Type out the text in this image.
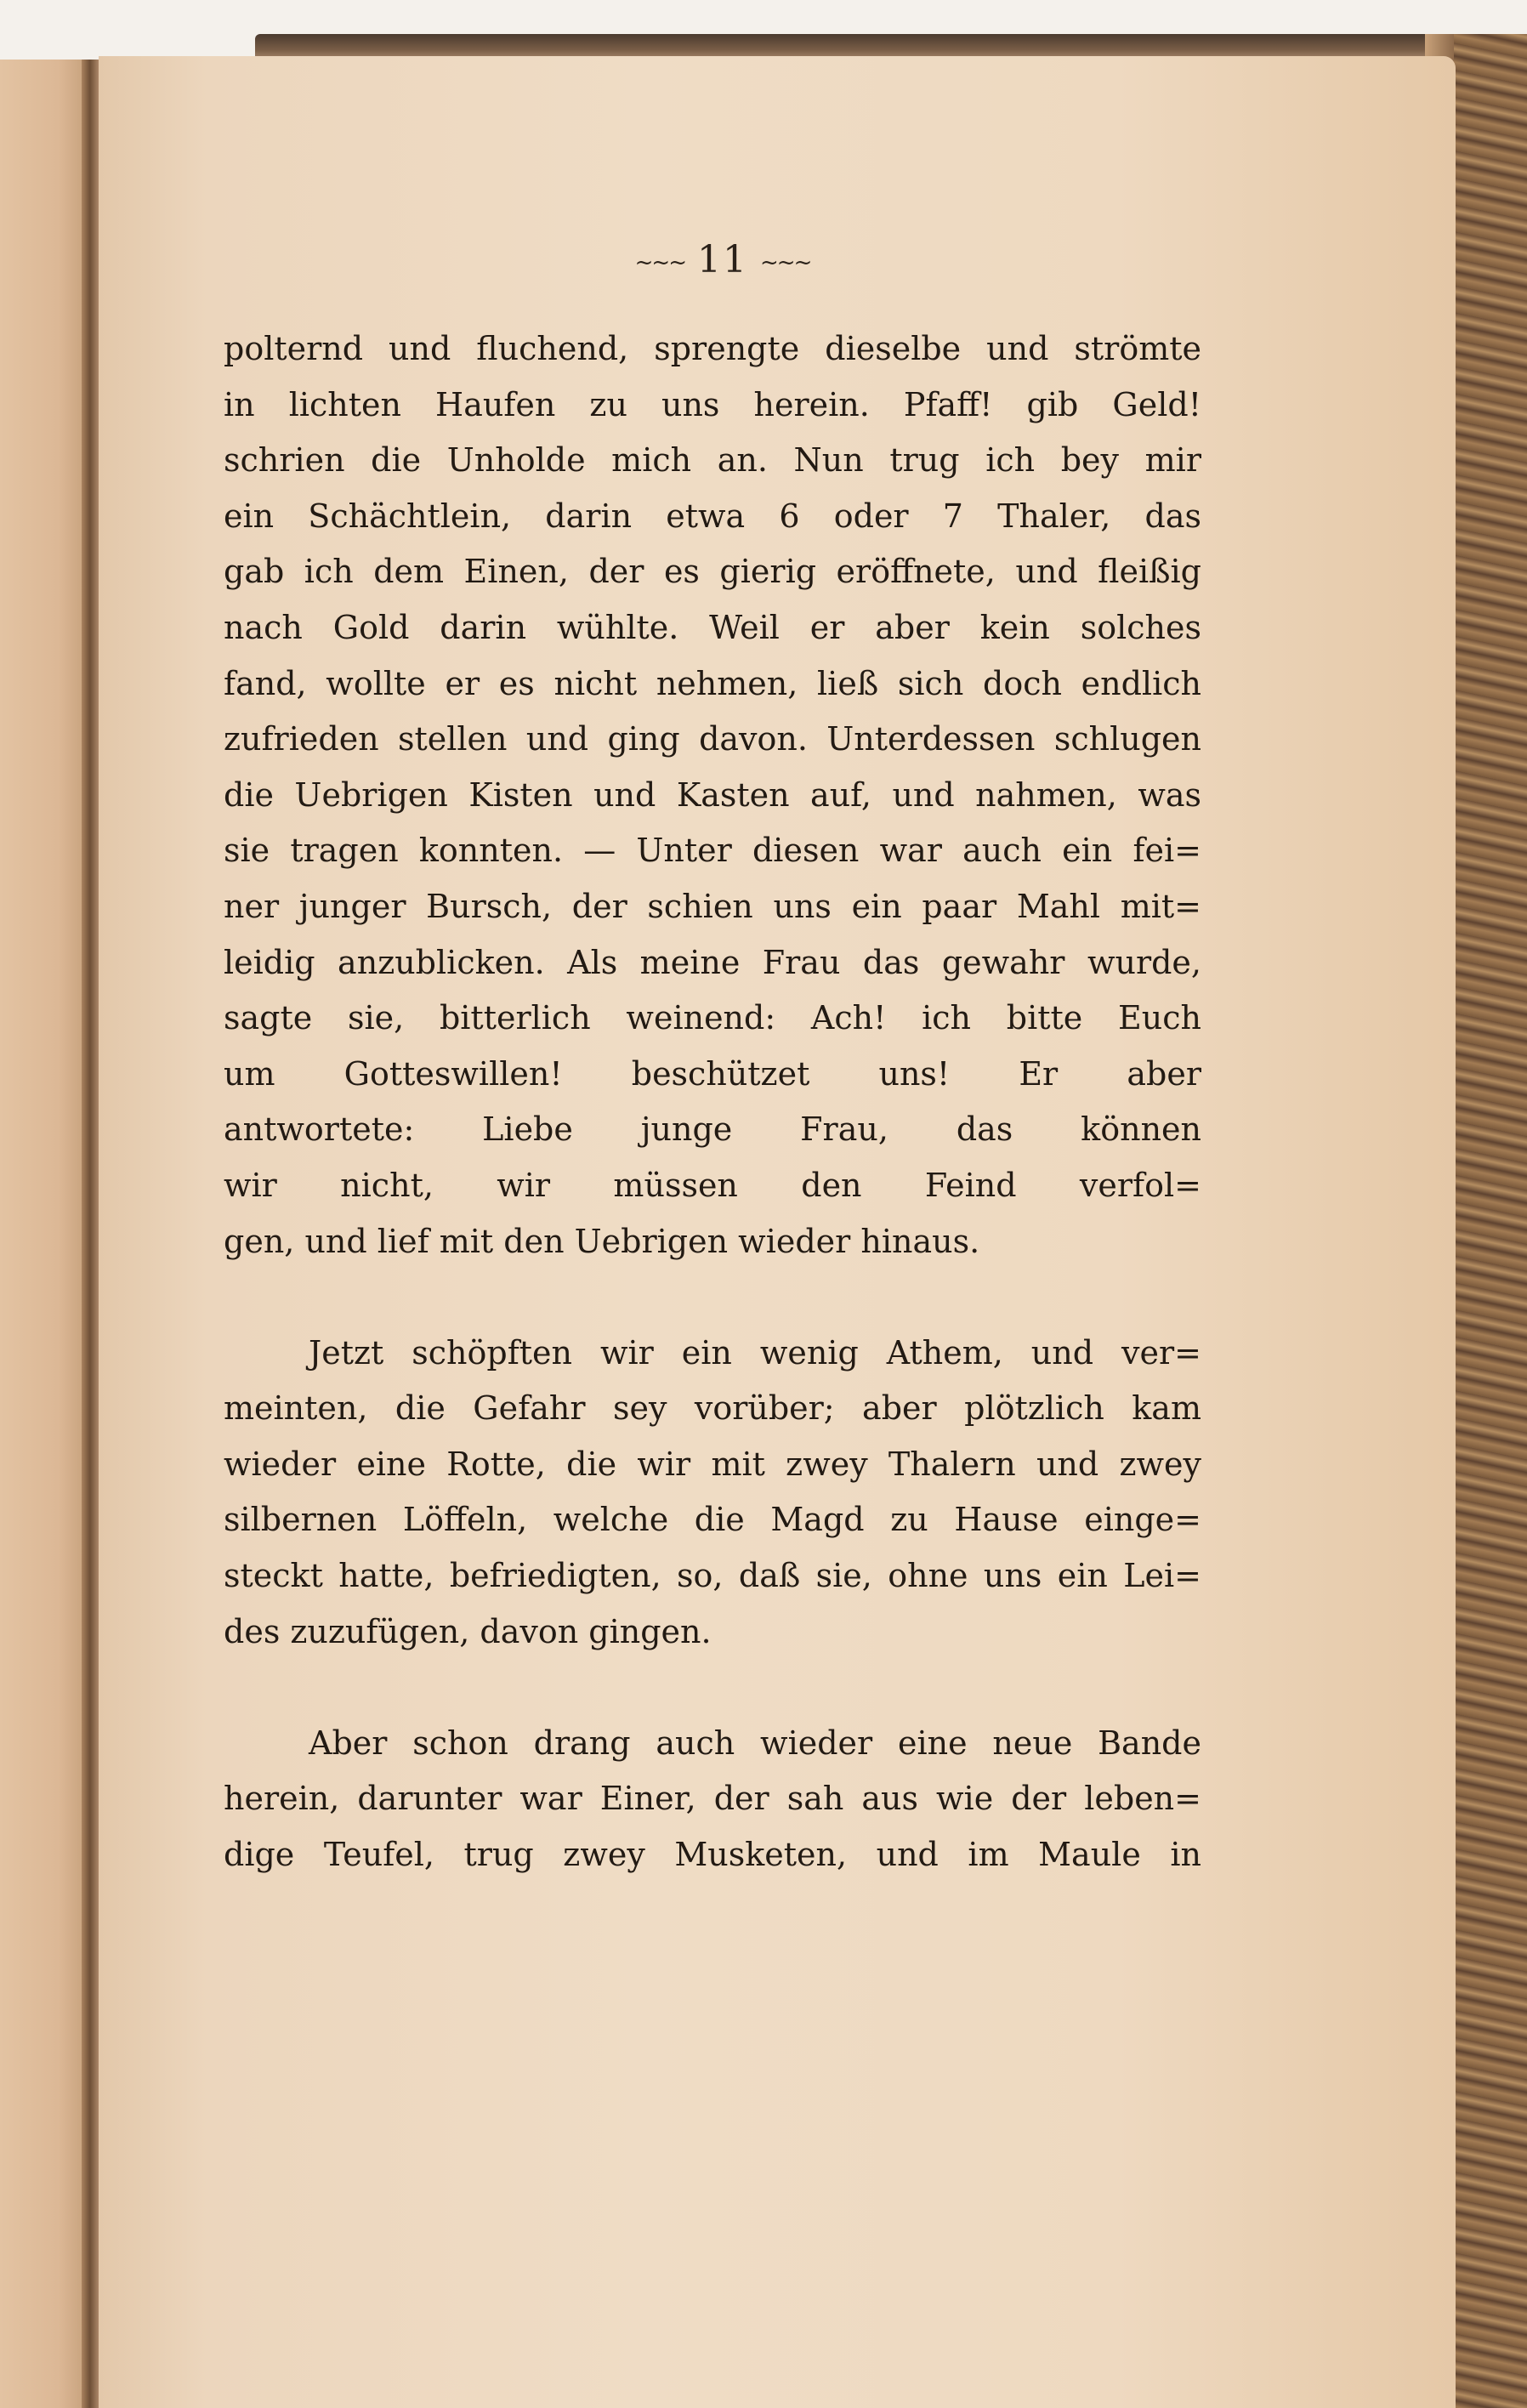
~~~ 11 ~~~
polternd und fluchend, sprengte dieselbe und strömte
in lichten Haufen zu uns herein. Pfaff! gib Geld!
schrien die Unholde mich an. Nun trug ich bey mir
ein Schächtlein, darin etwa 6 oder 7 Thaler, das
gab ich dem Einen, der es gierig eröffnete, und fleißig
nach Gold darin wühlte. Weil er aber kein solches
fand, wollte er es nicht nehmen, ließ sich doch endlich
zufrieden stellen und ging davon. Unterdessen schlugen
die Uebrigen Kisten und Kasten auf, und nahmen, was
sie tragen konnten. — Unter diesen war auch ein fei=
ner junger Bursch, der schien uns ein paar Mahl mit=
leidig anzublicken. Als meine Frau das gewahr wurde,
sagte sie, bitterlich weinend: Ach! ich bitte Euch
um Gotteswillen! beschützet uns! Er aber
antwortete: Liebe junge Frau, das können
wir nicht, wir müssen den Feind verfol=
gen, und lief mit den Uebrigen wieder hinaus.
Jetzt schöpften wir ein wenig Athem, und ver=
meinten, die Gefahr sey vorüber; aber plötzlich kam
wieder eine Rotte, die wir mit zwey Thalern und zwey
silbernen Löffeln, welche die Magd zu Hause einge=
steckt hatte, befriedigten, so, daß sie, ohne uns ein Lei=
des zuzufügen, davon gingen.
Aber schon drang auch wieder eine neue Bande
herein, darunter war Einer, der sah aus wie der leben=
dige Teufel, trug zwey Musketen, und im Maule in
